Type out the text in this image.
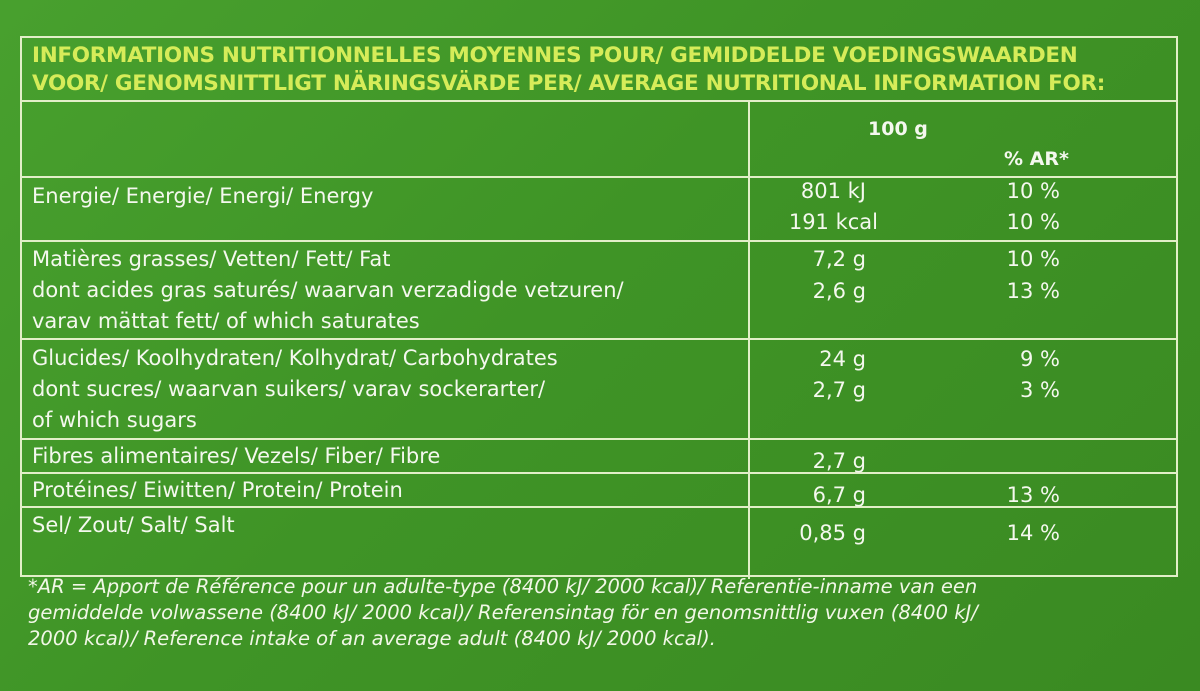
INFORMATIONS NUTRITIONNELLES MOYENNES POUR/ GEMIDDELDE VOEDINGSWAARDEN
VOOR/ GENOMSNITTLIGT NÄRINGSVÄRDE PER/ AVERAGE NUTRITIONAL INFORMATION FOR:
100 g
% AR*
Energie/ Energie/ Energi/ Energy	801 kJ	10 %
191 kcal	10 %
Matières grasses/ Vetten/ Fett/ Fat	7,2 g	10 %
dont acides gras saturés/ waarvan verzadigde vetzuren/	2,6 g	13 %
varav mättat fett/ of which saturates
Glucides/ Koolhydraten/ Kolhydrat/ Carbohydrates	24 g	9 %
dont sucres/ waarvan suikers/ varav sockerarter/	2,7 g	3 %
of which sugars
Fibres alimentaires/ Vezels/ Fiber/ Fibre	2,7 g
Protéines/ Eiwitten/ Protein/ Protein	6,7 g	13 %
Sel/ Zout/ Salt/ Salt	0,85 g	14 %
*AR = Apport de Référence pour un adulte-type (8400 kJ/ 2000 kcal)/ Referentie-inname van een
gemiddelde volwassene (8400 kJ/ 2000 kcal)/ Referensintag för en genomsnittlig vuxen (8400 kJ/
2000 kcal)/ Reference intake of an average adult (8400 kJ/ 2000 kcal).
